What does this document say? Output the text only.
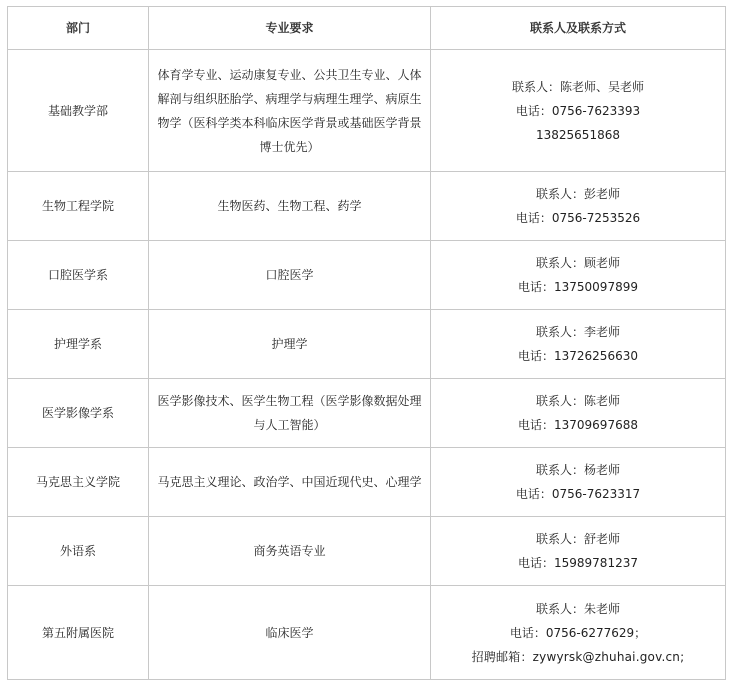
部门	专业要求	联系人及联系方式
基础教学部	体育学专业、运动康复专业、公共卫生专业、人体解剖与组织胚胎学、病理学与病理生理学、病原生物学（医科学类本科临床医学背景或基础医学背景博士优先）	联系人：陈老师、吴老师
电话：0756-7623393
13825651868

生物工程学院	生物医药、生物工程、药学	联系人：彭老师
电话：0756-7253526

口腔医学系	口腔医学	联系人：顾老师
电话：13750097899

护理学系	护理学	联系人：李老师
电话：13726256630

医学影像学系	医学影像技术、医学生物工程（医学影像数据处理与人工智能）	联系人：陈老师
电话：13709697688

马克思主义学院	马克思主义理论、政治学、中国近现代史、心理学	联系人：杨老师
电话：0756-7623317

外语系	商务英语专业	联系人：舒老师
电话：15989781237

第五附属医院	临床医学	联系人：朱老师
电话：0756-6277629；
招聘邮箱：zywyrsk@zhuhai.gov.cn;
